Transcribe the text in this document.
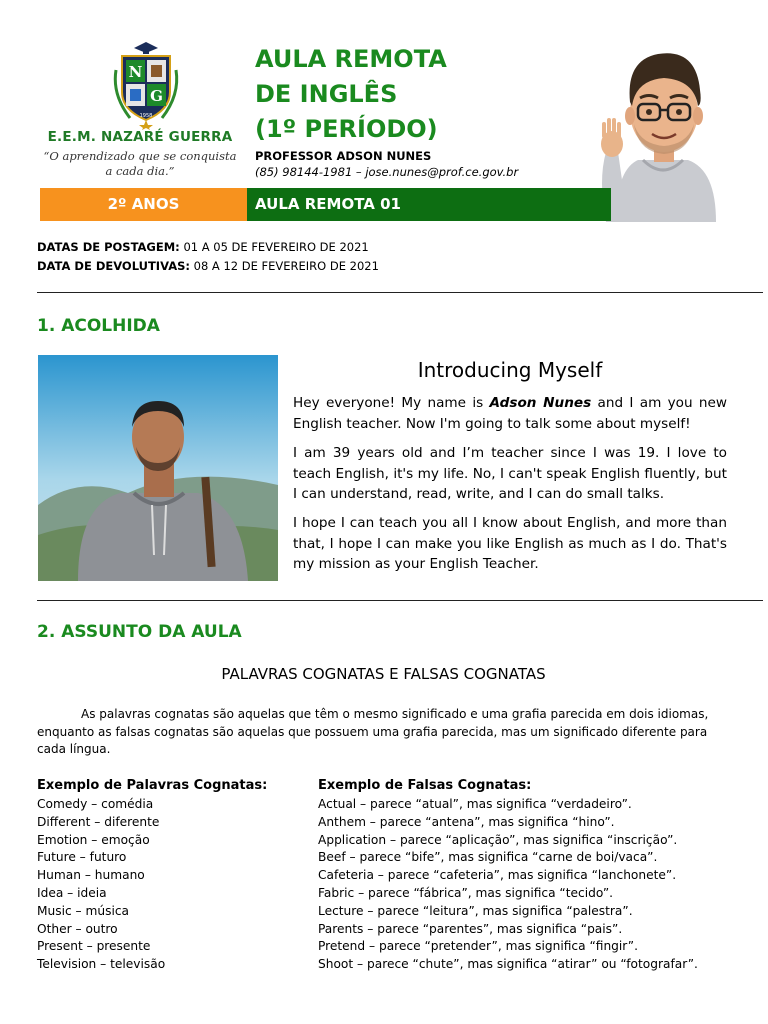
N
G
1958
E.E.M. NAZARÉ GUERRA
“O aprendizado que se conquista
a cada dia.”
AULA REMOTA
DE INGLÊS
(1º PERÍODO)
PROFESSOR ADSON NUNES
(85) 98144-1981 – jose.nunes@prof.ce.gov.br
2º ANOS	AULA REMOTA 01
DATAS DE POSTAGEM: 01 A 05 DE FEVEREIRO DE 2021
DATA DE DEVOLUTIVAS: 08 A 12 DE FEVEREIRO DE 2021
1. ACOLHIDA
Introducing Myself
Hey everyone! My name is Adson Nunes and I am you new English teacher. Now I'm going to talk some about myself!
I am 39 years old and I’m teacher since I was 19. I love to teach English, it's my life. No, I can't speak English fluently, but I can understand, read, write, and I can do small talks.
I hope I can teach you all I know about English, and more than that, I hope I can make you like English as much as I do. That's my mission as your English Teacher.
2. ASSUNTO DA AULA
PALAVRAS COGNATAS E FALSAS COGNATAS
As palavras cognatas são aquelas que têm o mesmo significado e uma grafia parecida em dois idiomas, enquanto as falsas cognatas são aquelas que possuem uma grafia parecida, mas um significado diferente para cada língua.
Exemplo de Palavras Cognatas:
Comedy – comédia
Different – diferente
Emotion – emoção
Future – futuro
Human – humano
Idea – ideia
Music – música
Other – outro
Present – presente
Television – televisão
Exemplo de Falsas Cognatas:
Actual – parece “atual”, mas significa “verdadeiro”.
Anthem – parece “antena”, mas significa “hino”.
Application – parece “aplicação”, mas significa “inscrição”.
Beef – parece “bife”, mas significa “carne de boi/vaca”.
Cafeteria – parece “cafeteria”, mas significa “lanchonete”.
Fabric – parece “fábrica”, mas significa “tecido”.
Lecture – parece “leitura”, mas significa “palestra”.
Parents – parece “parentes”, mas significa “pais”.
Pretend – parece “pretender”, mas significa “fingir”.
Shoot – parece “chute”, mas significa “atirar” ou “fotografar”.
